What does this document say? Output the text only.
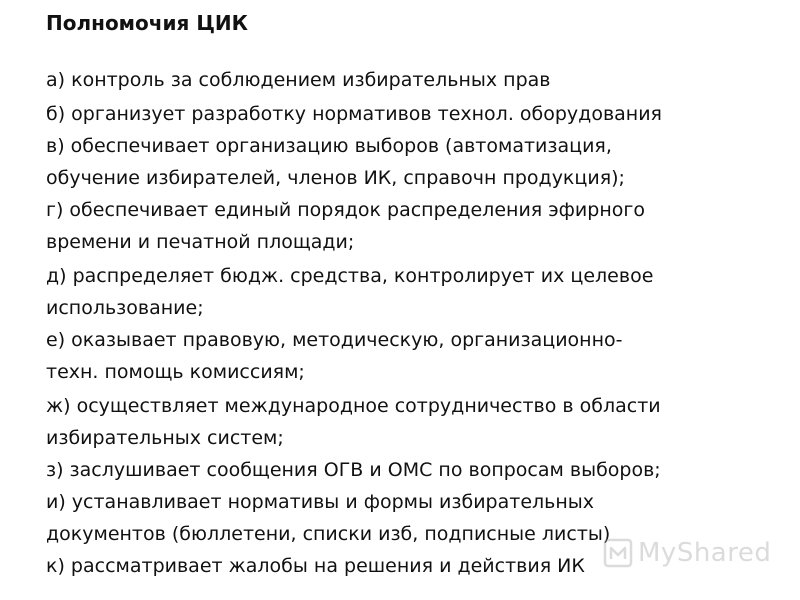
Полномочия ЦИК
а) контроль за соблюдением избирательных прав
б) организует разработку нормативов технол. оборудования
в) обеспечивает организацию выборов (автоматизация,
обучение избирателей, членов ИК, справочн продукция);
г) обеспечивает единый порядок распределения эфирного
времени и печатной площади;
д) распределяет бюдж. средства, контролирует их целевое
использование;
е) оказывает правовую, методическую, организационно-
техн. помощь комиссиям;
ж) осуществляет международное сотрудничество в области
избирательных систем;
з) заслушивает сообщения ОГВ и ОМС по вопросам выборов;
и) устанавливает нормативы и формы избирательных
документов (бюллетени, списки изб, подписные листы)
к) рассматривает жалобы на решения и действия ИК MyShared
